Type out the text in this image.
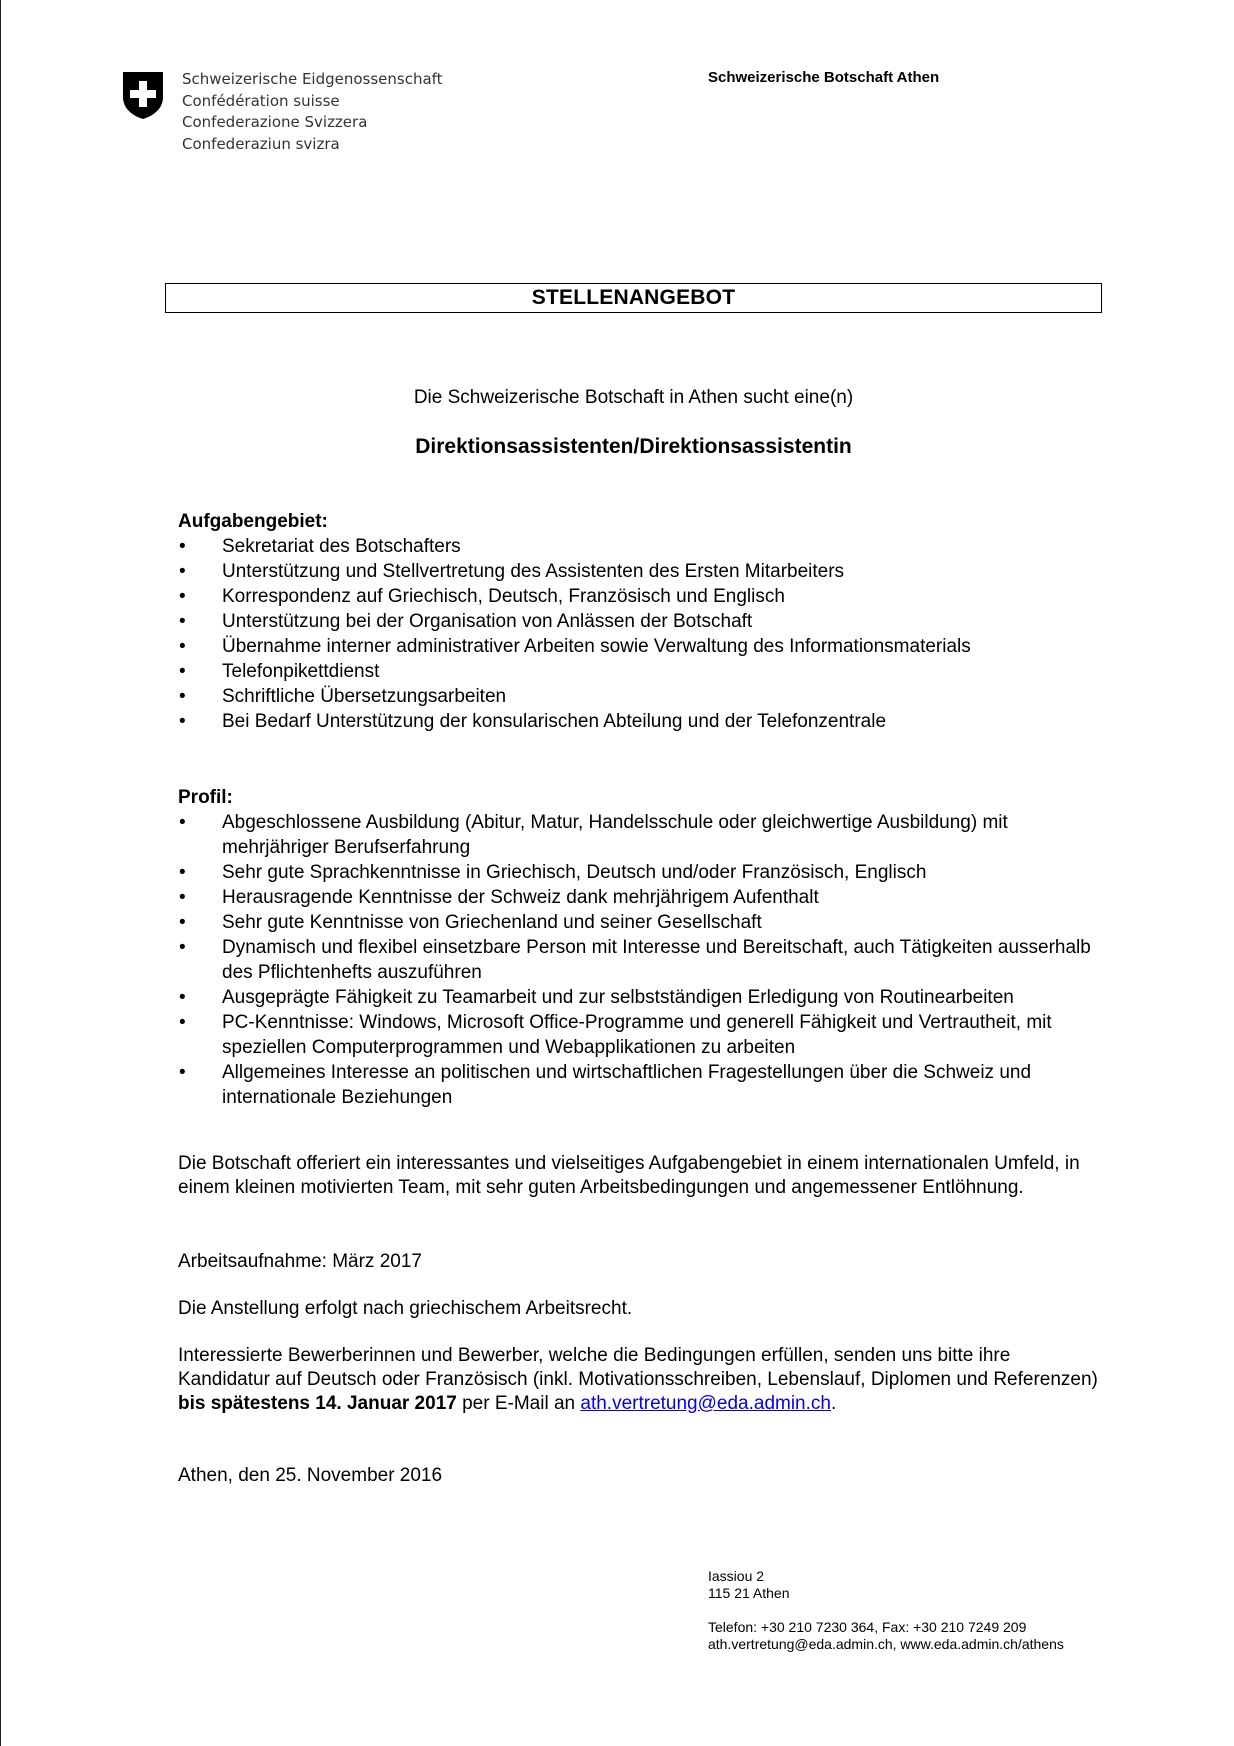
Schweizerische Eidgenossenschaft
Confédération suisse
Confederazione Svizzera
Confederaziun svizra
Schweizerische Botschaft Athen
STELLENANGEBOT
Die Schweizerische Botschaft in Athen sucht eine(n)
Direktionsassistenten/Direktionsassistentin
Aufgabengebiet:
• Sekretariat des Botschafters
• Unterstützung und Stellvertretung des Assistenten des Ersten Mitarbeiters
• Korrespondenz auf Griechisch, Deutsch, Französisch und Englisch
• Unterstützung bei der Organisation von Anlässen der Botschaft
• Übernahme interner administrativer Arbeiten sowie Verwaltung des Informationsmaterials
• Telefonpikettdienst
• Schriftliche Übersetzungsarbeiten
• Bei Bedarf Unterstützung der konsularischen Abteilung und der Telefonzentrale
Profil:
• Abgeschlossene Ausbildung (Abitur, Matur, Handelsschule oder gleichwertige Ausbildung) mit mehrjähriger Berufserfahrung
• Sehr gute Sprachkenntnisse in Griechisch, Deutsch und/oder Französisch, Englisch
• Herausragende Kenntnisse der Schweiz dank mehrjährigem Aufenthalt
• Sehr gute Kenntnisse von Griechenland und seiner Gesellschaft
• Dynamisch und flexibel einsetzbare Person mit Interesse und Bereitschaft, auch Tätigkeiten ausserhalb des Pflichtenhefts auszuführen
• Ausgeprägte Fähigkeit zu Teamarbeit und zur selbstständigen Erledigung von Routinearbeiten
• PC-Kenntnisse: Windows, Microsoft Office-Programme und generell Fähigkeit und Vertrautheit, mit speziellen Computerprogrammen und Webapplikationen zu arbeiten
• Allgemeines Interesse an politischen und wirtschaftlichen Fragestellungen über die Schweiz und internationale Beziehungen
Die Botschaft offeriert ein interessantes und vielseitiges Aufgabengebiet in einem internationalen Umfeld, in einem kleinen motivierten Team, mit sehr guten Arbeitsbedingungen und angemessener Entlöhnung.
Arbeitsaufnahme: März 2017
Die Anstellung erfolgt nach griechischem Arbeitsrecht.
Interessierte Bewerberinnen und Bewerber, welche die Bedingungen erfüllen, senden uns bitte ihre Kandidatur auf Deutsch oder Französisch (inkl. Motivationsschreiben, Lebenslauf, Diplomen und Referenzen) bis spätestens 14. Januar 2017 per E-Mail an ath.vertretung@eda.admin.ch.
Athen, den 25. November 2016
Iassiou 2
115 21 Athen
Telefon: +30 210 7230 364, Fax: +30 210 7249 209
ath.vertretung@eda.admin.ch, www.eda.admin.ch/athens
